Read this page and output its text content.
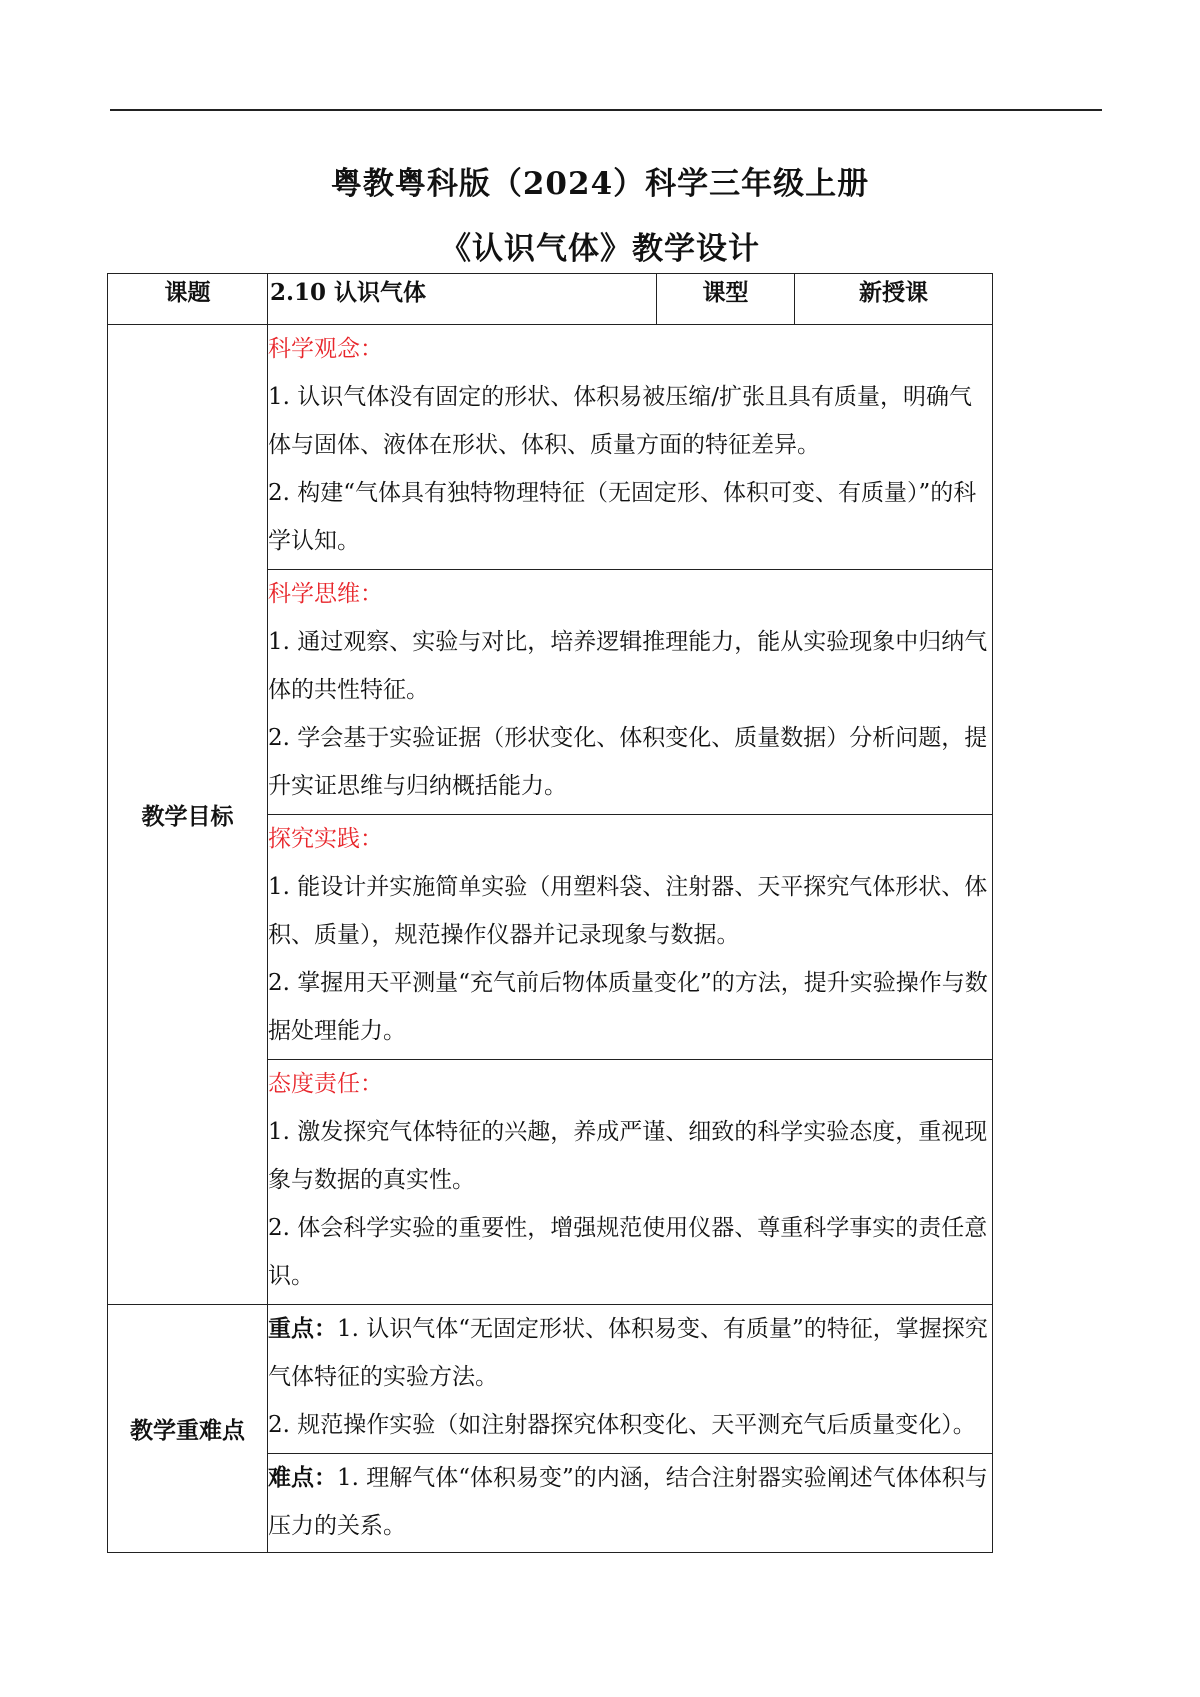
粤教粤科版（2024）科学三年级上册
《认识气体》教学设计
课题	2.10 认识气体	课型	新授课
教学目标	科学观念：

1. 认识气体没有固定的形状、体积易被压缩/扩张且具有质量，明确气体与固体、液体在形状、体积、质量方面的特征差异。

2. 构建“气体具有独特物理特征（无固定形、体积可变、有质量）”的科学认知。		

	科学思维：

1. 通过观察、实验与对比，培养逻辑推理能力，能从实验现象中归纳气体的共性特征。

2. 学会基于实验证据（形状变化、体积变化、质量数据）分析问题，提升实证思维与归纳概括能力。		

	探究实践：

1. 能设计并实施简单实验（用塑料袋、注射器、天平探究气体形状、体积、质量），规范操作仪器并记录现象与数据。

2. 掌握用天平测量“充气前后物体质量变化”的方法，提升实验操作与数据处理能力。		

	态度责任：

1. 激发探究气体特征的兴趣，养成严谨、细致的科学实验态度，重视现象与数据的真实性。

2. 体会科学实验的重要性，增强规范使用仪器、尊重科学事实的责任意识。		

教学重难点	重点：1. 认识气体“无固定形状、体积易变、有质量”的特征，掌握探究气体特征的实验方法。

2. 规范操作实验（如注射器探究体积变化、天平测充气后质量变化）。		

	难点：1. 理解气体“体积易变”的内涵，结合注射器实验阐述气体体积与压力的关系。		
